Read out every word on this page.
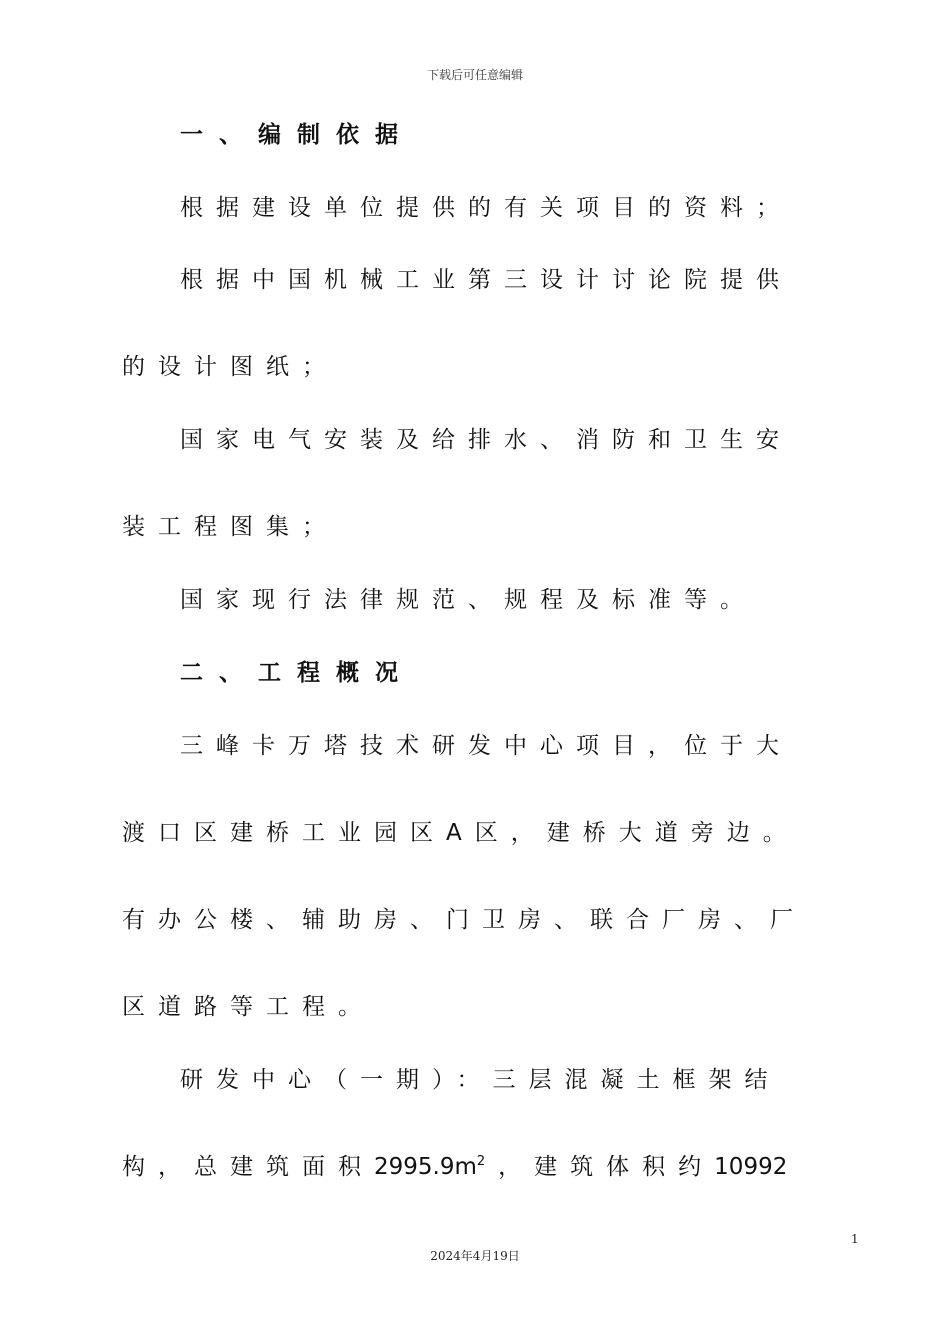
下载后可任意编辑
一、编制依据
根据建设单位提供的有关项目的资料；
根据中国机械工业第三设计讨论院提供
的设计图纸；
国家电气安装及给排水、消防和卫生安
装工程图集；
国家现行法律规范、规程及标准等。
二、工程概况
三峰卡万塔技术研发中心项目，位于大
渡口区建桥工业园区A区，建桥大道旁边。
有办公楼、辅助房、门卫房、联合厂房、厂
区道路等工程。
研发中心（一期）：三层混凝土框架结
构，总建筑面积$2995.9m^2$ ，建筑体积约10992
1
2024年4月19日
